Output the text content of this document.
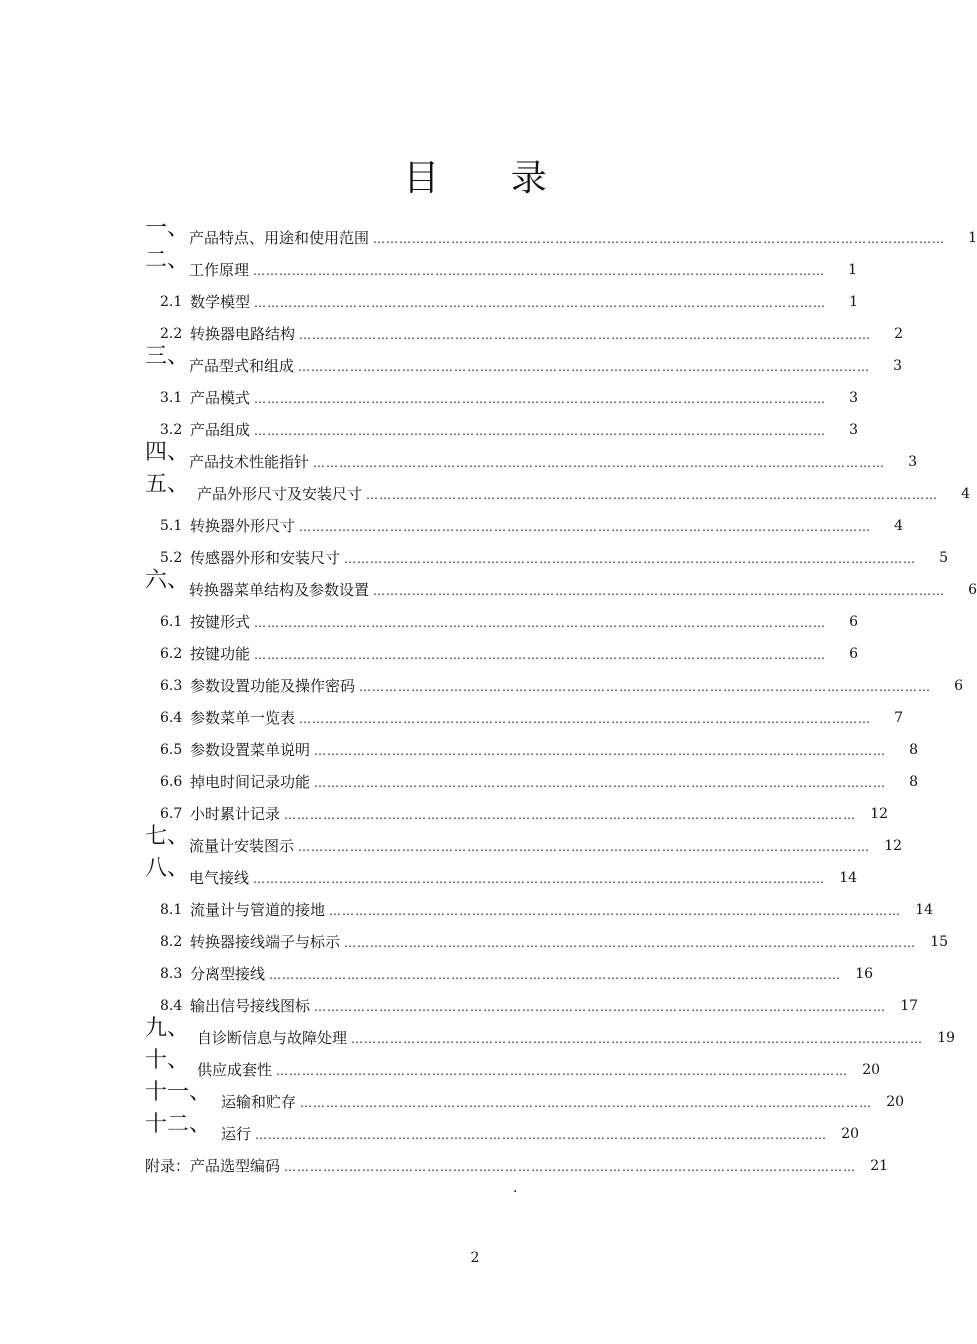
目 录
一、 产品特点、用途和使用范围 ……………………………………………………………………………………………………………………	1
二、 工作原理 ……………………………………………………………………………………………………………………	1
2.1 数学模型 ……………………………………………………………………………………………………………………	1
2.2 转换器电路结构 ……………………………………………………………………………………………………………………	2
三、 产品型式和组成 ……………………………………………………………………………………………………………………	3
3.1 产品模式 ……………………………………………………………………………………………………………………	3
3.2 产品组成 ……………………………………………………………………………………………………………………	3
四、 产品技术性能指针 ……………………………………………………………………………………………………………………	3
五、 产品外形尺寸及安装尺寸 ……………………………………………………………………………………………………………………	4
5.1 转换器外形尺寸 ……………………………………………………………………………………………………………………	4
5.2 传感器外形和安装尺寸 ……………………………………………………………………………………………………………………	5
六、 转换器菜单结构及参数设置 ……………………………………………………………………………………………………………………	6
6.1 按键形式 ……………………………………………………………………………………………………………………	6
6.2 按键功能 ……………………………………………………………………………………………………………………	6
6.3 参数设置功能及操作密码 ……………………………………………………………………………………………………………………	6
6.4 参数菜单一览表 ……………………………………………………………………………………………………………………	7
6.5 参数设置菜单说明 ……………………………………………………………………………………………………………………	8
6.6 掉电时间记录功能 ……………………………………………………………………………………………………………………	8
6.7 小时累计记录 ……………………………………………………………………………………………………………………	12
七、 流量计安装图示 ……………………………………………………………………………………………………………………	12
八、 电气接线 ……………………………………………………………………………………………………………………	14
8.1 流量计与管道的接地 ……………………………………………………………………………………………………………………	14
8.2 转换器接线端子与标示 ……………………………………………………………………………………………………………………	15
8.3 分离型接线 ……………………………………………………………………………………………………………………	16
8.4 输出信号接线图标 ……………………………………………………………………………………………………………………	17
九、 自诊断信息与故障处理 ……………………………………………………………………………………………………………………	19
十、 供应成套性 ……………………………………………………………………………………………………………………	20
十一、 运输和贮存 ……………………………………………………………………………………………………………………	20
十二、 运行 ……………………………………………………………………………………………………………………	20
附录：产品选型编码 ……………………………………………………………………………………………………………………	21
.
2
